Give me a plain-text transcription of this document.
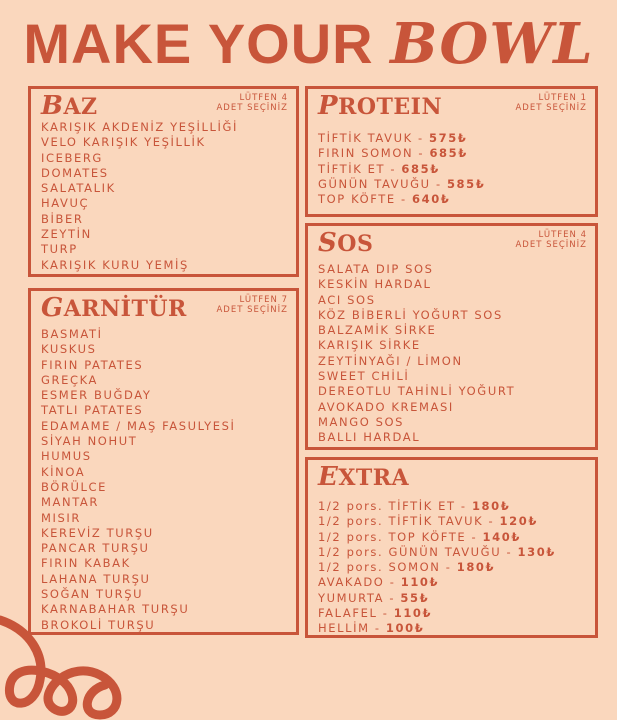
MAKE YOUR BOWL
BAZ	LÜTFEN 4
ADET SEÇİNİZ
KARIŞIK AKDENİZ YEŞİLLİĞİ
VELO KARIŞIK YEŞİLLİK
ICEBERG
DOMATES
SALATALIK
HAVUÇ
BİBER
ZEYTİN
TURP
KARIŞIK KURU YEMİŞ
PROTEIN	LÜTFEN 1
ADET SEÇİNİZ
TİFTİK TAVUK - 575₺
FIRIN SOMON - 685₺
TİFTİK ET - 685₺
GÜNÜN TAVUĞU - 585₺
TOP KÖFTE - 640₺
SOS	LÜTFEN 4
ADET SEÇİNİZ
SALATA DIP SOS
KESKİN HARDAL
ACI SOS
KÖZ BİBERLİ YOĞURT SOS
BALZAMİK SİRKE
KARIŞIK SİRKE
ZEYTİNYAĞI / LİMON
SWEET CHİLİ
DEREOTLU TAHİNLİ YOĞURT
AVOKADO KREMASI
MANGO SOS
BALLI HARDAL
GARNİTÜR	LÜTFEN 7
ADET SEÇİNİZ
BASMATİ
KUSKUS
FIRIN PATATES
GREÇKA
ESMER BUĞDAY
TATLI PATATES
EDAMAME / MAŞ FASULYESİ
SİYAH NOHUT
HUMUS
KİNOA
BÖRÜLCE
MANTAR
MISIR
KEREVİZ TURŞU
PANCAR TURŞU
FIRIN KABAK
LAHANA TURŞU
SOĞAN TURŞU
KARNABAHAR TURŞU
BROKOLİ TURŞU
EXTRA
1/2 pors. TİFTİK ET - 180₺
1/2 pors. TİFTİK TAVUK - 120₺
1/2 pors. TOP KÖFTE - 140₺
1/2 pors. GÜNÜN TAVUĞU - 130₺
1/2 pors. SOMON - 180₺
AVAKADO - 110₺
YUMURTA - 55₺
FALAFEL - 110₺
HELLİM - 100₺
